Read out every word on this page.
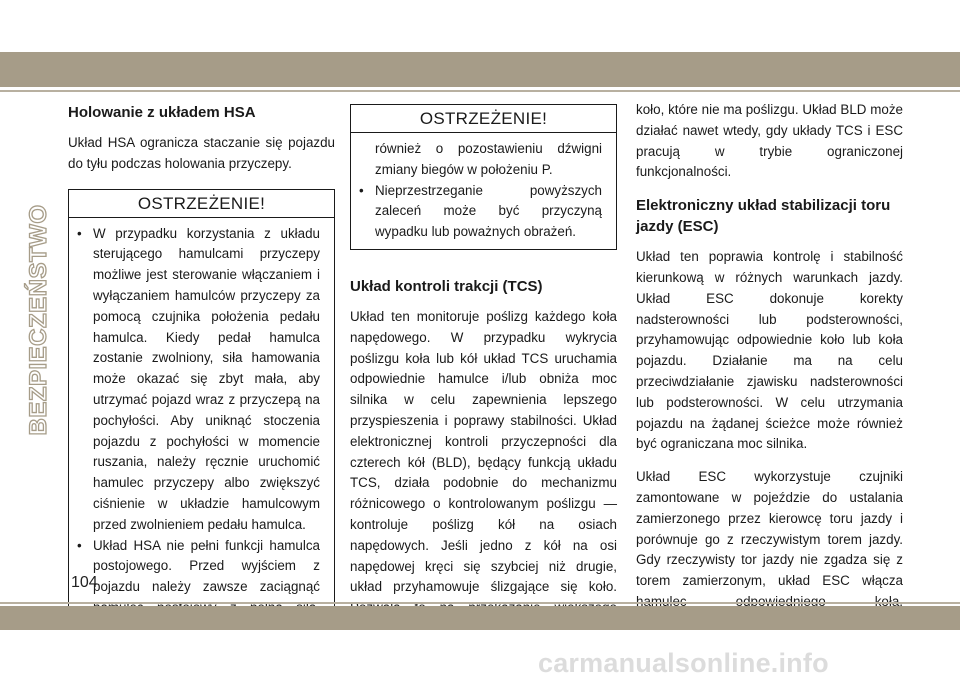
BEZPIECZEŃSTWO
Holowanie z układem HSA

Układ HSA ogranicza staczanie się pojazdu do tyłu podczas holowania przyczepy.

OSTRZEŻENIE!
• W przypadku korzystania z układu sterującego hamulcami przyczepy możliwe jest sterowanie włączaniem i wyłączaniem hamulców przyczepy za pomocą czujnika położenia pedału hamulca. Kiedy pedał hamulca zostanie zwolniony, siła hamowania może okazać się zbyt mała, aby utrzymać pojazd wraz z przyczepą na pochyłości. Aby uniknąć stoczenia pojazdu z pochyłości w momencie ruszania, należy ręcznie uruchomić hamulec przyczepy albo zwiększyć ciśnienie w układzie hamulcowym przed zwolnieniem pedału hamulca.
• Układ HSA nie pełni funkcji hamulca postojowego. Przed wyjściem z pojazdu należy zawsze zaciągnąć
OSTRZEŻENIE!
również o pozostawieniu dźwigni zmiany biegów w położeniu P.
• Nieprzestrzeganie powyższych zaleceń może być przyczyną wypadku lub poważnych obrażeń.
Układ kontroli trakcji (TCS)

Układ ten monitoruje poślizg każdego koła napędowego. W przypadku wykrycia poślizgu koła lub kół układ TCS uruchamia odpowiednie hamulce i/lub obniża moc silnika w celu zapewnienia lepszego przyspieszenia i poprawy stabilności. Układ elektronicznej kontroli przyczepności dla czterech kół (BLD), będący funkcją układu TCS, działa podobnie do mechanizmu różnicowego o kontrolowanym poślizgu — kontroluje poślizg kół na osiach napędowych. Jeśli jedno z kół na osi napędowej kręci się szybciej niż drugie, układ przyhamowuje ślizgające się koło.

koło, które nie ma poślizgu. Układ BLD może działać nawet wtedy, gdy układy TCS i ESC pracują w trybie ograniczonej funkcjonalności.

Elektroniczny układ stabilizacji toru jazdy (ESC)

Układ ten poprawia kontrolę i stabilność kierunkową w różnych warunkach jazdy. Układ ESC dokonuje korekty nadsterowności lub podsterowności, przyhamowując odpowiednie koło lub koła pojazdu. Działanie ma na celu przeciwdziałanie zjawisku nadsterowności lub podsterowności. W celu utrzymania pojazdu na żądanej ścieżce może również być ograniczana moc silnika.

Układ ESC wykorzystuje czujniki zamontowane w pojeździe do ustalania zamierzonego przez kierowcę toru jazdy i porównuje go z rzeczywistym torem jazdy. Gdy rzeczywisty tor jazdy nie zgadza się z torem zamierzonym, układ ESC włącza

104
carmanualsonline.info
